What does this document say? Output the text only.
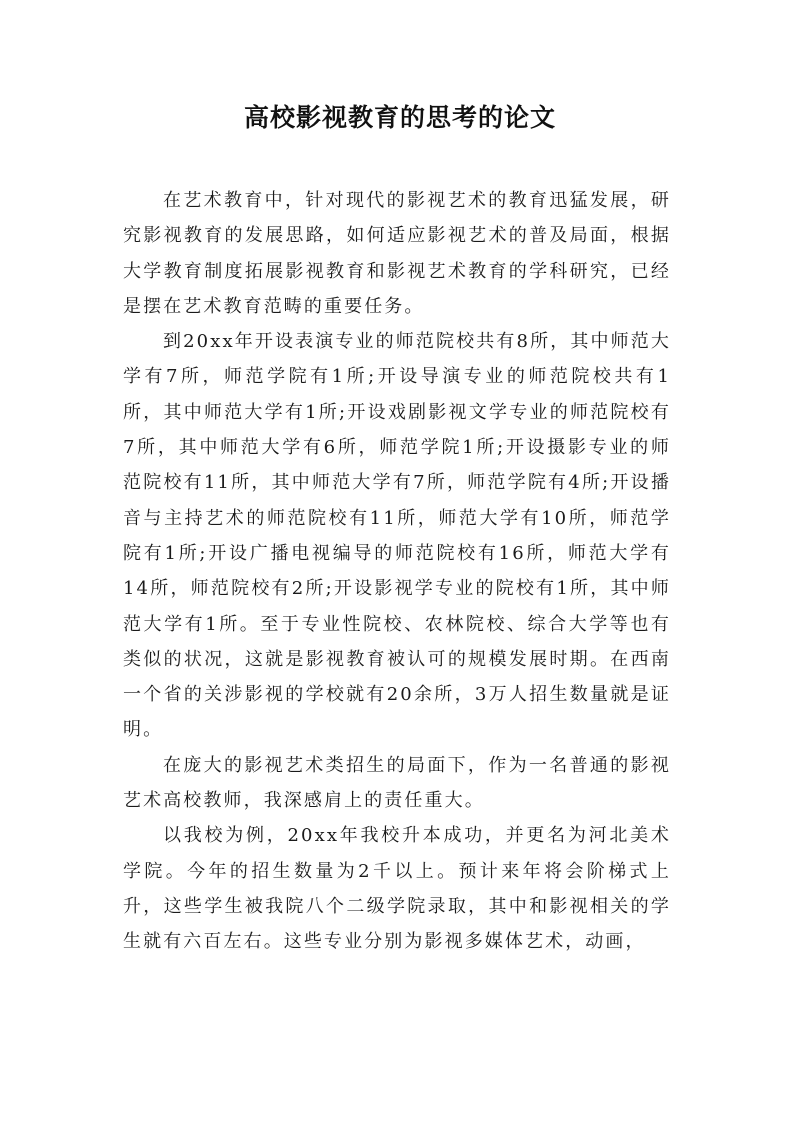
高校影视教育的思考的论文

在艺术教育中，针对现代的影视艺术的教育迅猛发展，研究影视教育的发展思路，如何适应影视艺术的普及局面，根据大学教育制度拓展影视教育和影视艺术教育的学科研究，已经是摆在艺术教育范畴的重要任务。

到20xx年开设表演专业的师范院校共有8所，其中师范大学有7所，师范学院有1所;开设导演专业的师范院校共有1所，其中师范大学有1所;开设戏剧影视文学专业的师范院校有7所，其中师范大学有6所，师范学院1所;开设摄影专业的师范院校有11所，其中师范大学有7所，师范学院有4所;开设播音与主持艺术的师范院校有11所，师范大学有10所，师范学院有1所;开设广播电视编导的师范院校有16所，师范大学有14所，师范院校有2所;开设影视学专业的院校有1所，其中师范大学有1所。至于专业性院校、农林院校、综合大学等也有类似的状况，这就是影视教育被认可的规模发展时期。在西南一个省的关涉影视的学校就有20余所，3万人招生数量就是证明。

在庞大的影视艺术类招生的局面下，作为一名普通的影视艺术高校教师，我深感肩上的责任重大。

以我校为例，20xx年我校升本成功，并更名为河北美术学院。今年的招生数量为2千以上。预计来年将会阶梯式上升，这些学生被我院八个二级学院录取，其中和影视相关的学生就有六百左右。这些专业分别为影视多媒体艺术，动画，
